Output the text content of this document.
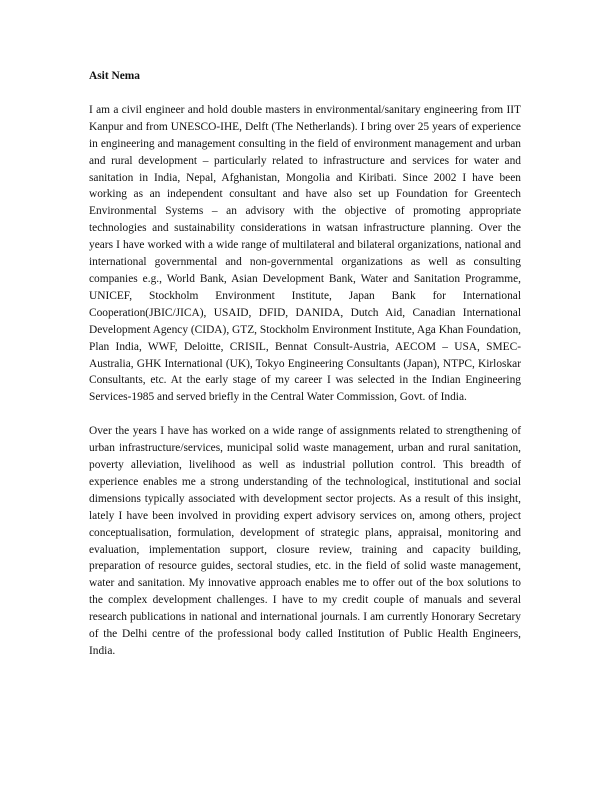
Asit Nema

I am a civil engineer and hold double masters in environmental/sanitary engineering from IIT Kanpur and from UNESCO-IHE, Delft (The Netherlands). I bring over 25 years of experience in engineering and management consulting in the field of environment management and urban and rural development – particularly related to infrastructure and services for water and sanitation in India, Nepal, Afghanistan, Mongolia and Kiribati. Since 2002 I have been working as an independent consultant and have also set up Foundation for Greentech Environmental Systems – an advisory with the objective of promoting appropriate technologies and sustainability considerations in watsan infrastructure planning. Over the years I have worked with a wide range of multilateral and bilateral organizations, national and international governmental and non-governmental organizations as well as consulting companies e.g., World Bank, Asian Development Bank, Water and Sanitation Programme, UNICEF, Stockholm Environment Institute, Japan Bank for International Cooperation(JBIC/JICA), USAID, DFID, DANIDA, Dutch Aid, Canadian International Development Agency (CIDA), GTZ, Stockholm Environment Institute, Aga Khan Foundation, Plan India, WWF, Deloitte, CRISIL, Bennat Consult-Austria, AECOM – USA, SMEC-Australia, GHK International (UK), Tokyo Engineering Consultants (Japan), NTPC, Kirloskar Consultants, etc. At the early stage of my career I was selected in the Indian Engineering Services-1985 and served briefly in the Central Water Commission, Govt. of India.

Over the years I have has worked on a wide range of assignments related to strengthening of urban infrastructure/services, municipal solid waste management, urban and rural sanitation, poverty alleviation, livelihood as well as industrial pollution control. This breadth of experience enables me a strong understanding of the technological, institutional and social dimensions typically associated with development sector projects. As a result of this insight, lately I have been involved in providing expert advisory services on, among others, project conceptualisation, formulation, development of strategic plans, appraisal, monitoring and evaluation, implementation support, closure review, training and capacity building, preparation of resource guides, sectoral studies, etc. in the field of solid waste management, water and sanitation. My innovative approach enables me to offer out of the box solutions to the complex development challenges. I have to my credit couple of manuals and several research publications in national and international journals. I am currently Honorary Secretary of the Delhi centre of the professional body called Institution of Public Health Engineers, India.
